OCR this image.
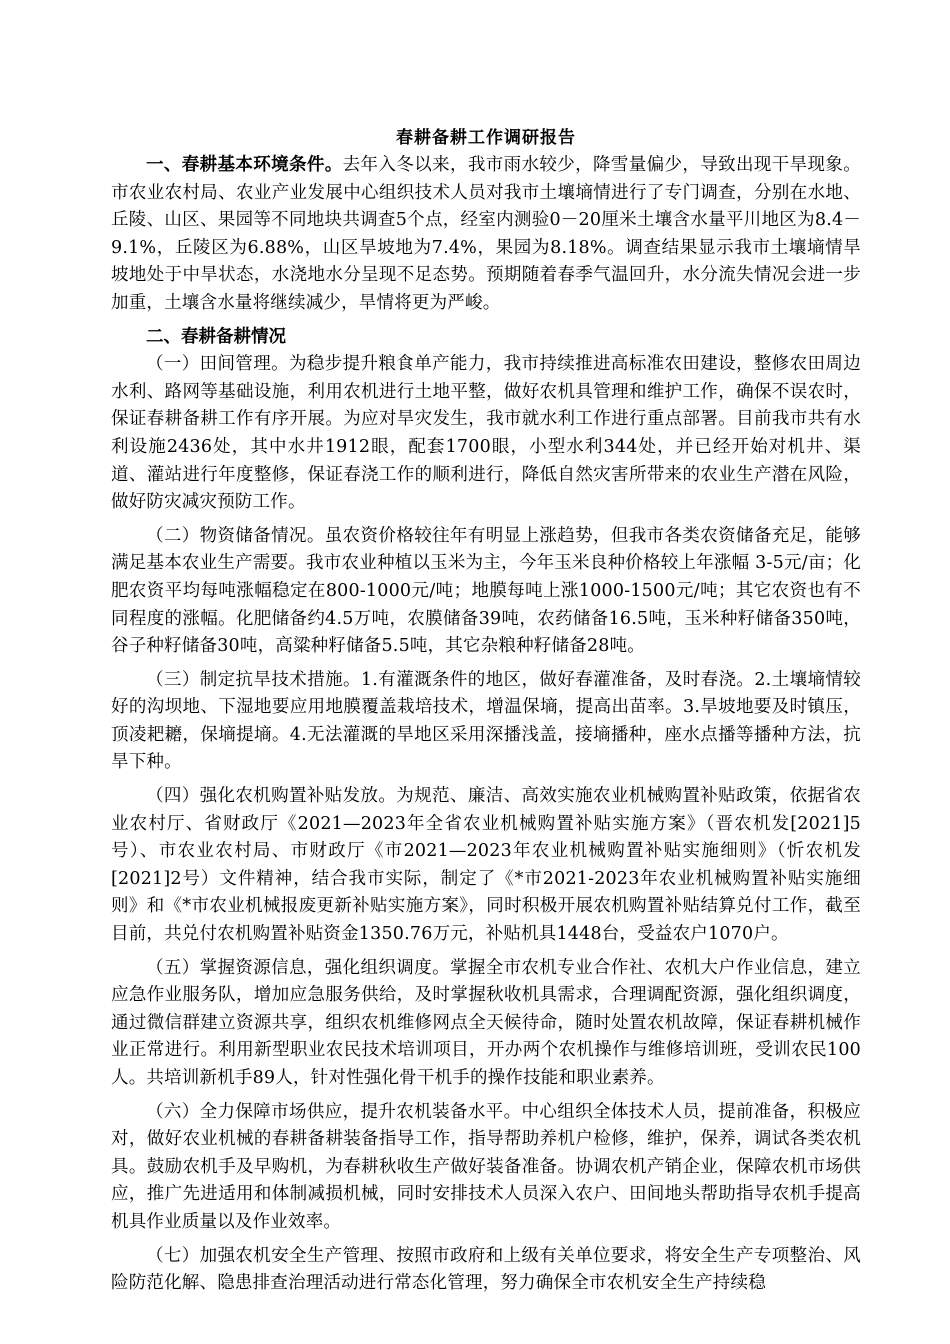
春耕备耕工作调研报告

一、春耕基本环境条件。去年入冬以来，我市雨水较少，降雪量偏少，导致出现干旱现象。市农业农村局、农业产业发展中心组织技术人员对我市土壤墒情进行了专门调查，分别在水地、丘陵、山区、果园等不同地块共调查5个点，经室内测验0－20厘米土壤含水量平川地区为8.4－9.1%，丘陵区为6.88%，山区旱坡地为7.4%，果园为8.18%。调查结果显示我市土壤墒情旱坡地处于中旱状态，水浇地水分呈现不足态势。预期随着春季气温回升，水分流失情况会进一步加重，土壤含水量将继续减少，旱情将更为严峻。

二、春耕备耕情况

（一）田间管理。为稳步提升粮食单产能力，我市持续推进高标准农田建设，整修农田周边水利、路网等基础设施，利用农机进行土地平整，做好农机具管理和维护工作，确保不误农时，保证春耕备耕工作有序开展。为应对旱灾发生，我市就水利工作进行重点部署。目前我市共有水利设施2436处，其中水井1912眼，配套1700眼，小型水利344处，并已经开始对机井、渠道、灌站进行年度整修，保证春浇工作的顺利进行，降低自然灾害所带来的农业生产潜在风险，做好防灾减灾预防工作。

（二）物资储备情况。虽农资价格较往年有明显上涨趋势，但我市各类农资储备充足，能够满足基本农业生产需要。我市农业种植以玉米为主，今年玉米良种价格较上年涨幅 3-5元/亩；化肥农资平均每吨涨幅稳定在800-1000元/吨；地膜每吨上涨1000-1500元/吨；其它农资也有不同程度的涨幅。化肥储备约4.5万吨，农膜储备39吨，农药储备16.5吨，玉米种籽储备350吨，谷子种籽储备30吨，高粱种籽储备5.5吨，其它杂粮种籽储备28吨。

（三）制定抗旱技术措施。1.有灌溉条件的地区，做好春灌准备，及时春浇。2.土壤墒情较好的沟坝地、下湿地要应用地膜覆盖栽培技术，增温保墒，提高出苗率。3.旱坡地要及时镇压，顶凌耙耱，保墒提墒。4.无法灌溉的旱地区采用深播浅盖，接墒播种，座水点播等播种方法，抗旱下种。

（四）强化农机购置补贴发放。为规范、廉洁、高效实施农业机械购置补贴政策，依据省农业农村厅、省财政厅《2021—2023年全省农业机械购置补贴实施方案》（晋农机发[2021]5号）、市农业农村局、市财政厅《市2021—2023年农业机械购置补贴实施细则》（忻农机发[2021]2号）文件精神，结合我市实际，制定了《*市2021-2023年农业机械购置补贴实施细则》和《*市农业机械报废更新补贴实施方案》，同时积极开展农机购置补贴结算兑付工作，截至目前，共兑付农机购置补贴资金1350.76万元，补贴机具1448台，受益农户1070户。

（五）掌握资源信息，强化组织调度。掌握全市农机专业合作社、农机大户作业信息，建立应急作业服务队，增加应急服务供给，及时掌握秋收机具需求，合理调配资源，强化组织调度，通过微信群建立资源共享，组织农机维修网点全天候待命，随时处置农机故障，保证春耕机械作业正常进行。利用新型职业农民技术培训项目，开办两个农机操作与维修培训班，受训农民100人。共培训新机手89人，针对性强化骨干机手的操作技能和职业素养。

（六）全力保障市场供应，提升农机装备水平。中心组织全体技术人员，提前准备，积极应对，做好农业机械的春耕备耕装备指导工作，指导帮助养机户检修，维护，保养，调试各类农机具。鼓励农机手及早购机，为春耕秋收生产做好装备准备。协调农机产销企业，保障农机市场供应，推广先进适用和体制减损机械，同时安排技术人员深入农户、田间地头帮助指导农机手提高机具作业质量以及作业效率。

（七）加强农机安全生产管理、按照市政府和上级有关单位要求，将安全生产专项整治、风险防范化解、隐患排查治理活动进行常态化管理，努力确保全市农机安全生产持续稳
